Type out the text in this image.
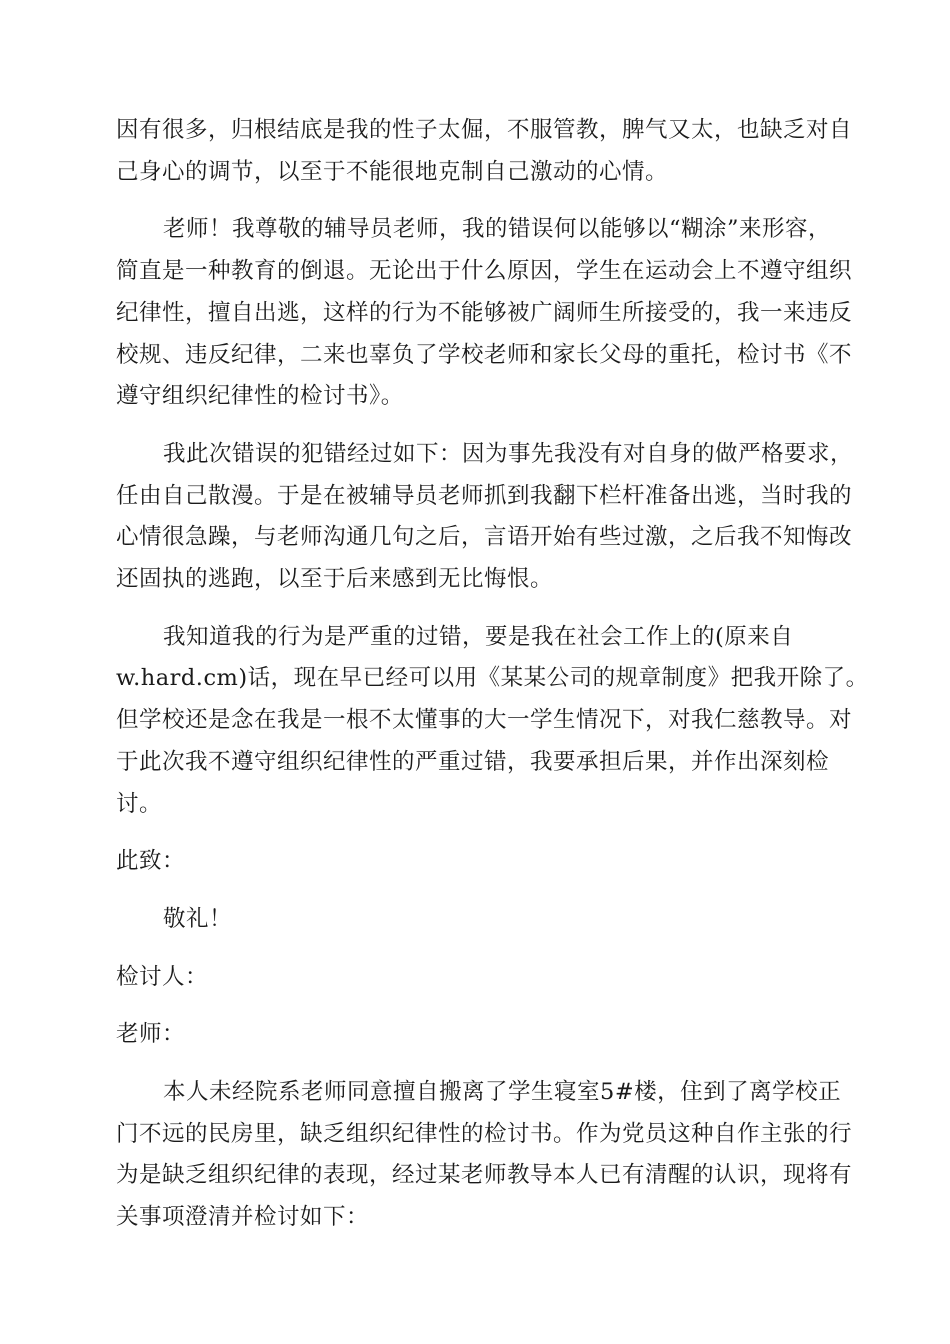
因有很多，归根结底是我的性子太倔，不服管教，脾气又太，也缺乏对自
己身心的调节，以至于不能很地克制自己激动的心情。

老师！我尊敬的辅导员老师，我的错误何以能够以“糊涂”来形容，
简直是一种教育的倒退。无论出于什么原因，学生在运动会上不遵守组织
纪律性，擅自出逃，这样的行为不能够被广阔师生所接受的，我一来违反
校规、违反纪律，二来也辜负了学校老师和家长父母的重托，检讨书《不
遵守组织纪律性的检讨书》。

我此次错误的犯错经过如下：因为事先我没有对自身的做严格要求，
任由自己散漫。于是在被辅导员老师抓到我翻下栏杆准备出逃，当时我的
心情很急躁，与老师沟通几句之后，言语开始有些过激，之后我不知悔改
还固执的逃跑，以至于后来感到无比悔恨。

我知道我的行为是严重的过错，要是我在社会工作上的(原来自
w.hard.cm)话，现在早已经可以用《某某公司的规章制度》把我开除了。
但学校还是念在我是一根不太懂事的大一学生情况下，对我仁慈教导。对
于此次我不遵守组织纪律性的严重过错，我要承担后果，并作出深刻检
讨。

此致：

敬礼！

检讨人：

老师：

本人未经院系老师同意擅自搬离了学生寝室5#楼，住到了离学校正
门不远的民房里，缺乏组织纪律性的检讨书。作为党员这种自作主张的行
为是缺乏组织纪律的表现，经过某老师教导本人已有清醒的认识，现将有
关事项澄清并检讨如下：
